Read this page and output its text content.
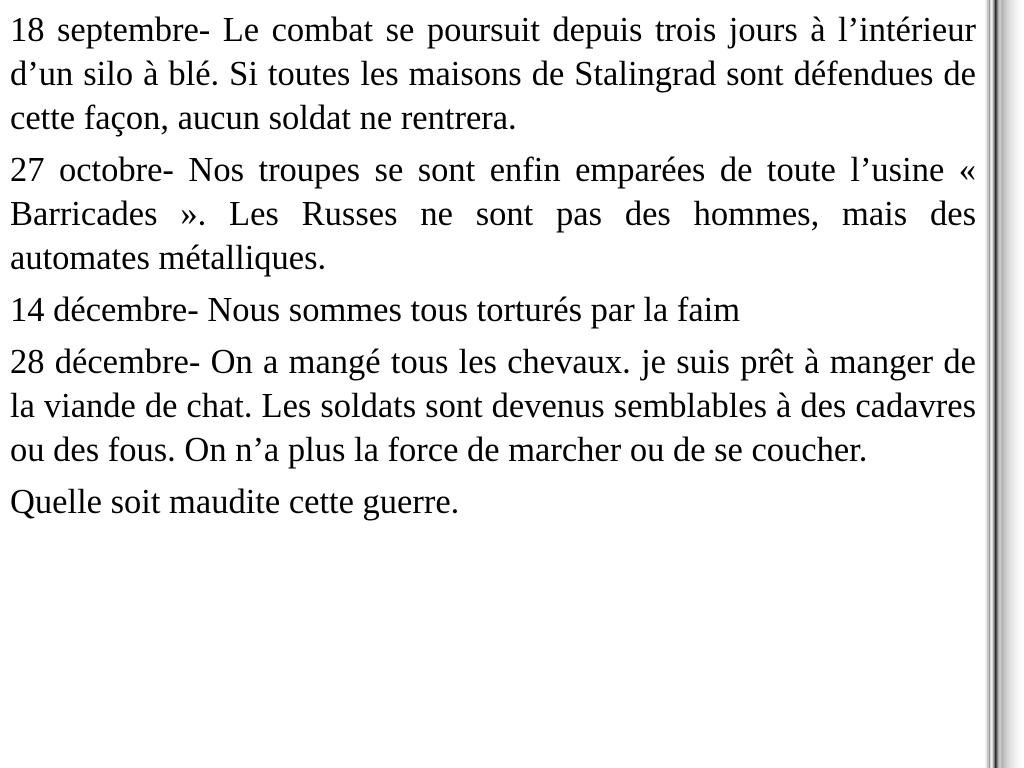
18 septembre- Le combat se poursuit depuis trois jours à l’intérieur d’un silo à blé. Si toutes les maisons de Stalingrad sont défendues de cette façon, aucun soldat ne rentrera.

27 octobre- Nos troupes se sont enfin emparées de toute l’usine « Barricades ». Les Russes ne sont pas des hommes, mais des automates métalliques.

14 décembre- Nous sommes tous torturés par la faim

28 décembre- On a mangé tous les chevaux. je suis prêt à manger de la viande de chat. Les soldats sont devenus semblables à des cadavres ou des fous. On n’a plus la force de marcher ou de se coucher.

Quelle soit maudite cette guerre.
